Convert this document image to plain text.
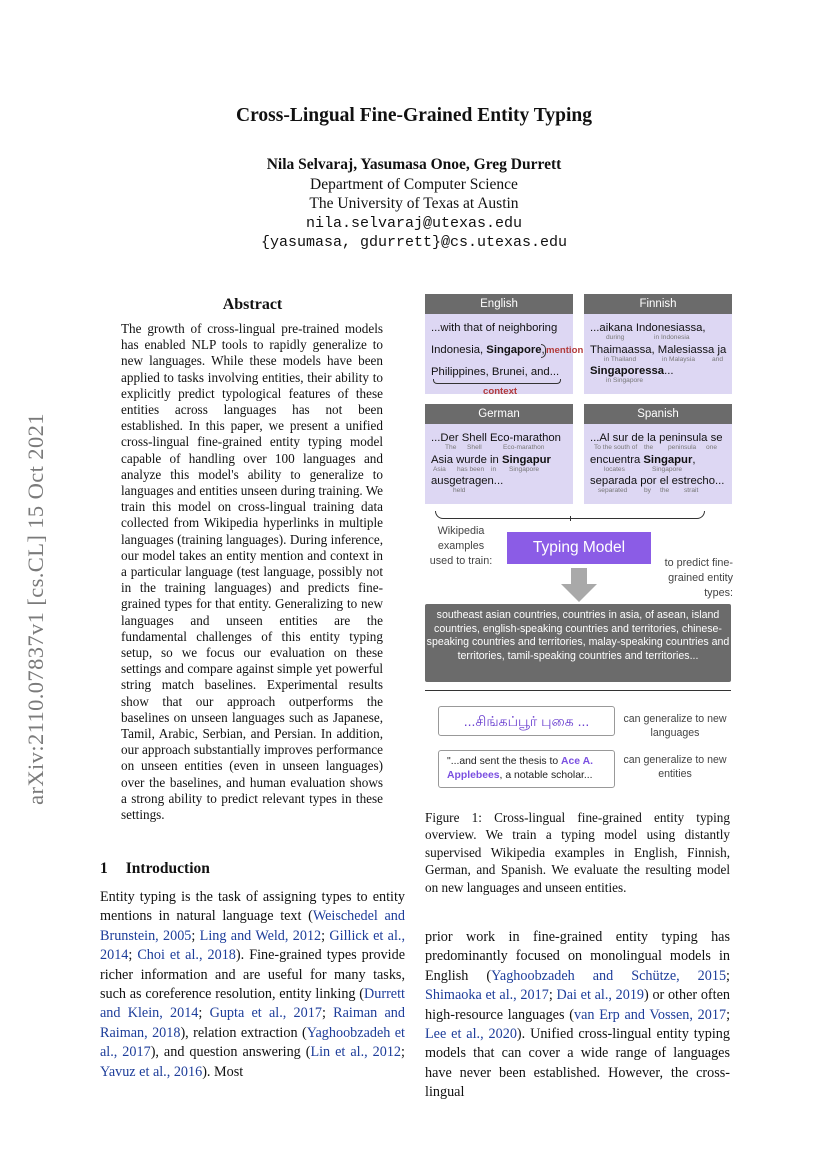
arXiv:2110.07837v1 [cs.CL] 15 Oct 2021
Cross-Lingual Fine-Grained Entity Typing
Nila Selvaraj, Yasumasa Onoe, Greg Durrett
Department of Computer Science
The University of Texas at Austin
nila.selvaraj@utexas.edu
{yasumasa, gdurrett}@cs.utexas.edu
Abstract
The growth of cross-lingual pre-trained models has enabled NLP tools to rapidly generalize to new languages. While these models have been applied to tasks involving entities, their ability to explicitly predict typological features of these entities across languages has not been established. In this paper, we present a unified cross-lingual fine-grained entity typing model capable of handling over 100 languages and analyze this model's ability to generalize to languages and entities unseen during training. We train this model on cross-lingual training data collected from Wikipedia hyperlinks in multiple languages (training languages). During inference, our model takes an entity mention and context in a particular language (test language, possibly not in the training languages) and predicts fine-grained types for that entity. Generalizing to new languages and unseen entities are the fundamental challenges of this entity typing setup, so we focus our evaluation on these settings and compare against simple yet powerful string match baselines. Experimental results show that our approach outperforms the baselines on unseen languages such as Japanese, Tamil, Arabic, Serbian, and Persian. In addition, our approach substantially improves performance on unseen entities (even in unseen languages) over the baselines, and human evaluation shows a strong ability to predict relevant types in these settings.
1 Introduction
Entity typing is the task of assigning types to entity mentions in natural language text (Weischedel and Brunstein, 2005; Ling and Weld, 2012; Gillick et al., 2014; Choi et al., 2018). Fine-grained types provide richer information and are useful for many tasks, such as coreference resolution, entity linking (Durrett and Klein, 2014; Gupta et al., 2017; Raiman and Raiman, 2018), relation extraction (Yaghoobzadeh et al., 2017), and question answering (Lin et al., 2012; Yavuz et al., 2016). Most
prior work in fine-grained entity typing has predominantly focused on monolingual models in English (Yaghoobzadeh and Schütze, 2015; Shimaoka et al., 2017; Dai et al., 2019) or other often high-resource languages (van Erp and Vossen, 2017; Lee et al., 2020). Unified cross-lingual entity typing models that can cover a wide range of languages have never been established. However, the cross-lingual
English
...with that of neighboring
Indonesia, Singapore, mention
Philippines, Brunei, and...
context
Finnish
...aikana Indonesiassa,
during	in Indonesia
Thaimaassa, Malesiassa ja
in Thailand	in Malaysia	and
Singaporessa...
in Singapore
German
...Der Shell Eco-marathon
The Shell	Eco-marathon
Asia wurde in Singapur
Asia has been in Singapore
ausgetragen...
held
Spanish
...Al sur de la peninsula se
To the south of the peninsula one
encuentra Singapur,
locates	Singapore
separada por el estrecho...
separated	by the strait
Wikipedia examples used to train:
Typing Model
to predict fine-grained entity types:
southeast asian countries, countries in asia, of asean, island countries, english-speaking countries and territories, chinese-speaking countries and territories, malay-speaking countries and territories, tamil-speaking countries and territories...
...சிங்கப்பூர் புகை ...	can generalize to new languages
"...and sent the thesis to Ace A. Applebees, a notable scholar...
can generalize to new entities
Figure 1: Cross-lingual fine-grained entity typing overview. We train a typing model using distantly supervised Wikipedia examples in English, Finnish, German, and Spanish. We evaluate the resulting model on new languages and unseen entities.
